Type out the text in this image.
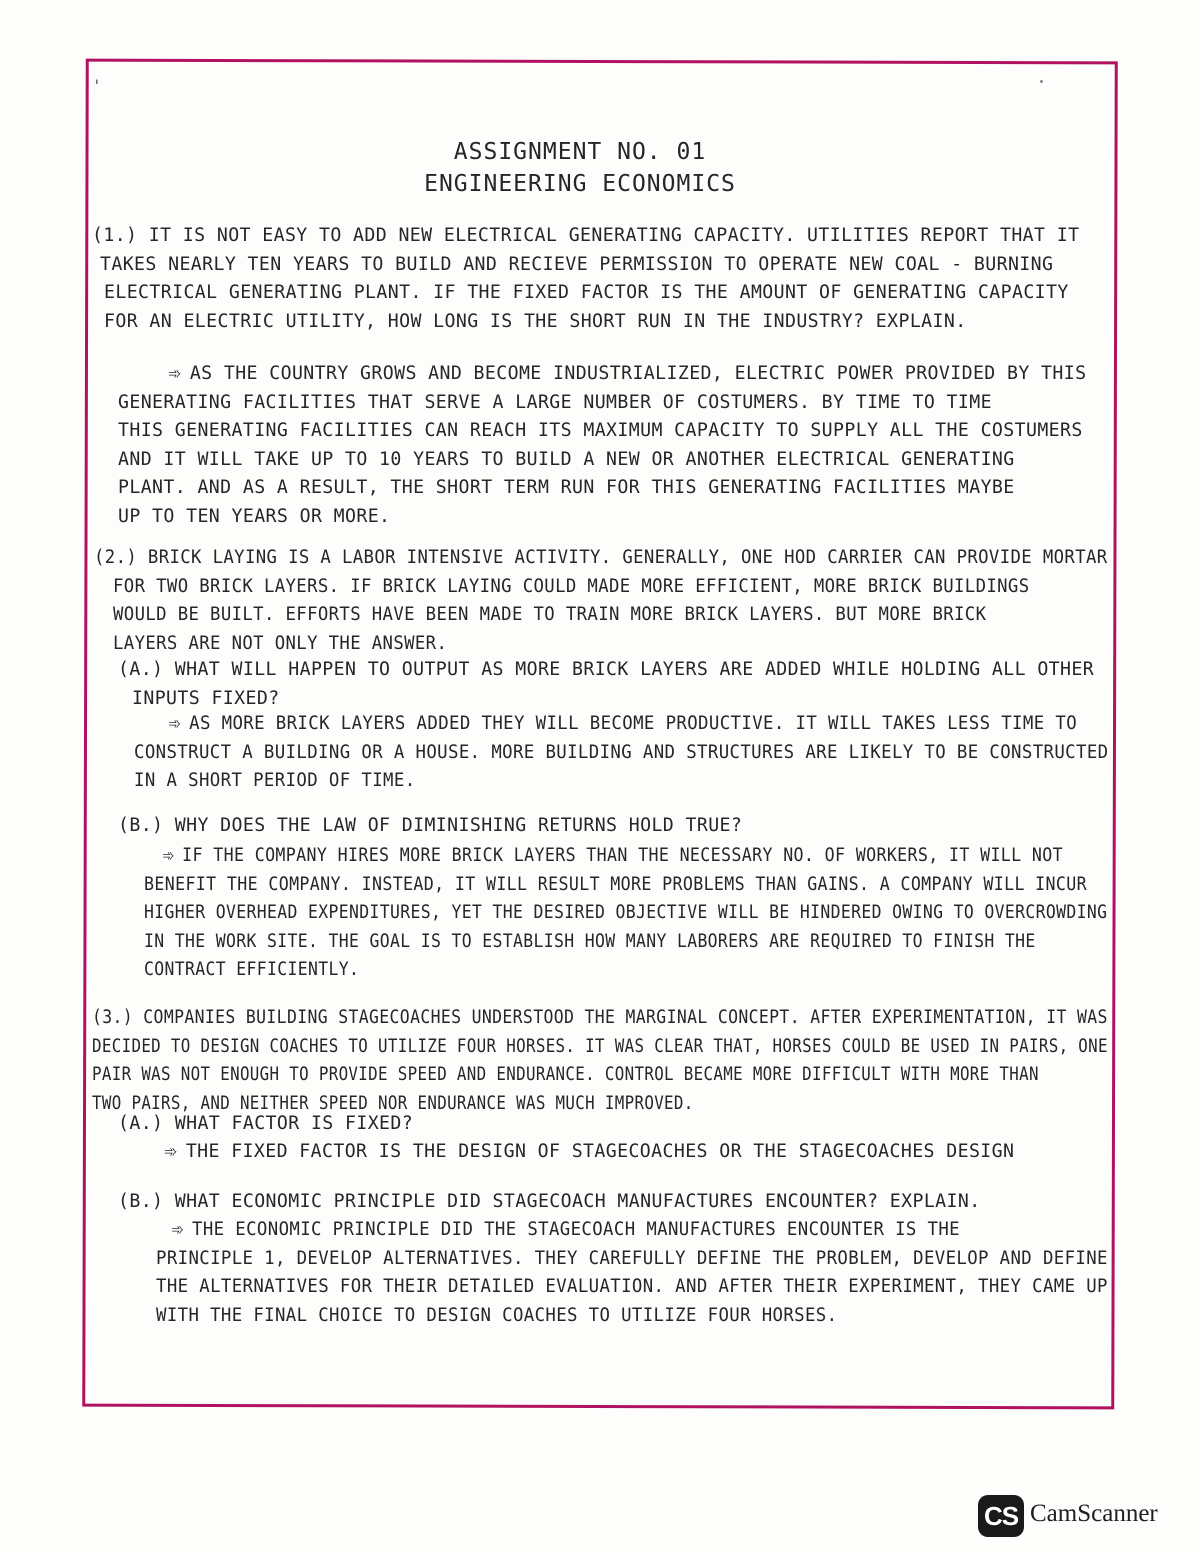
'
ASSIGNMENT NO. 01
ENGINEERING ECONOMICS
(1.) IT IS NOT EASY TO ADD NEW ELECTRICAL GENERATING CAPACITY. UTILITIES REPORT THAT IT
TAKES NEARLY TEN YEARS TO BUILD AND RECIEVE PERMISSION TO OPERATE NEW COAL - BURNING
ELECTRICAL GENERATING PLANT. IF THE FIXED FACTOR IS THE AMOUNT OF GENERATING CAPACITY
FOR AN ELECTRIC UTILITY, HOW LONG IS THE SHORT RUN IN THE INDUSTRY? EXPLAIN.
➾ AS THE COUNTRY GROWS AND BECOME INDUSTRIALIZED, ELECTRIC POWER PROVIDED BY THIS
GENERATING FACILITIES THAT SERVE A LARGE NUMBER OF COSTUMERS. BY TIME TO TIME
THIS GENERATING FACILITIES CAN REACH ITS MAXIMUM CAPACITY TO SUPPLY ALL THE COSTUMERS
AND IT WILL TAKE UP TO 10 YEARS TO BUILD A NEW OR ANOTHER ELECTRICAL GENERATING
PLANT. AND AS A RESULT, THE SHORT TERM RUN FOR THIS GENERATING FACILITIES MAYBE
UP TO TEN YEARS OR MORE.
(2.) BRICK LAYING IS A LABOR INTENSIVE ACTIVITY. GENERALLY, ONE HOD CARRIER CAN PROVIDE MORTAR
FOR TWO BRICK LAYERS. IF BRICK LAYING COULD MADE MORE EFFICIENT, MORE BRICK BUILDINGS
WOULD BE BUILT. EFFORTS HAVE BEEN MADE TO TRAIN MORE BRICK LAYERS. BUT MORE BRICK
LAYERS ARE NOT ONLY THE ANSWER.
(A.) WHAT WILL HAPPEN TO OUTPUT AS MORE BRICK LAYERS ARE ADDED WHILE HOLDING ALL OTHER
INPUTS FIXED?
➾ AS MORE BRICK LAYERS ADDED THEY WILL BECOME PRODUCTIVE. IT WILL TAKES LESS TIME TO
CONSTRUCT A BUILDING OR A HOUSE. MORE BUILDING AND STRUCTURES ARE LIKELY TO BE CONSTRUCTED
IN A SHORT PERIOD OF TIME.
(B.) WHY DOES THE LAW OF DIMINISHING RETURNS HOLD TRUE?
➾ IF THE COMPANY HIRES MORE BRICK LAYERS THAN THE NECESSARY NO. OF WORKERS, IT WILL NOT
BENEFIT THE COMPANY. INSTEAD, IT WILL RESULT MORE PROBLEMS THAN GAINS. A COMPANY WILL INCUR
HIGHER OVERHEAD EXPENDITURES, YET THE DESIRED OBJECTIVE WILL BE HINDERED OWING TO OVERCROWDING
IN THE WORK SITE. THE GOAL IS TO ESTABLISH HOW MANY LABORERS ARE REQUIRED TO FINISH THE
CONTRACT EFFICIENTLY.
(3.) COMPANIES BUILDING STAGECOACHES UNDERSTOOD THE MARGINAL CONCEPT. AFTER EXPERIMENTATION, IT WAS
DECIDED TO DESIGN COACHES TO UTILIZE FOUR HORSES. IT WAS CLEAR THAT, HORSES COULD BE USED IN PAIRS, ONE
PAIR WAS NOT ENOUGH TO PROVIDE SPEED AND ENDURANCE. CONTROL BECAME MORE DIFFICULT WITH MORE THAN
TWO PAIRS, AND NEITHER SPEED NOR ENDURANCE WAS MUCH IMPROVED.
(A.) WHAT FACTOR IS FIXED?
➾ THE FIXED FACTOR IS THE DESIGN OF STAGECOACHES OR THE STAGECOACHES DESIGN
(B.) WHAT ECONOMIC PRINCIPLE DID STAGECOACH MANUFACTURES ENCOUNTER? EXPLAIN.
➾ THE ECONOMIC PRINCIPLE DID THE STAGECOACH MANUFACTURES ENCOUNTER IS THE
PRINCIPLE 1, DEVELOP ALTERNATIVES. THEY CAREFULLY DEFINE THE PROBLEM, DEVELOP AND DEFINE
THE ALTERNATIVES FOR THEIR DETAILED EVALUATION. AND AFTER THEIR EXPERIMENT, THEY CAME UP
WITH THE FINAL CHOICE TO DESIGN COACHES TO UTILIZE FOUR HORSES.
CS CamScanner
